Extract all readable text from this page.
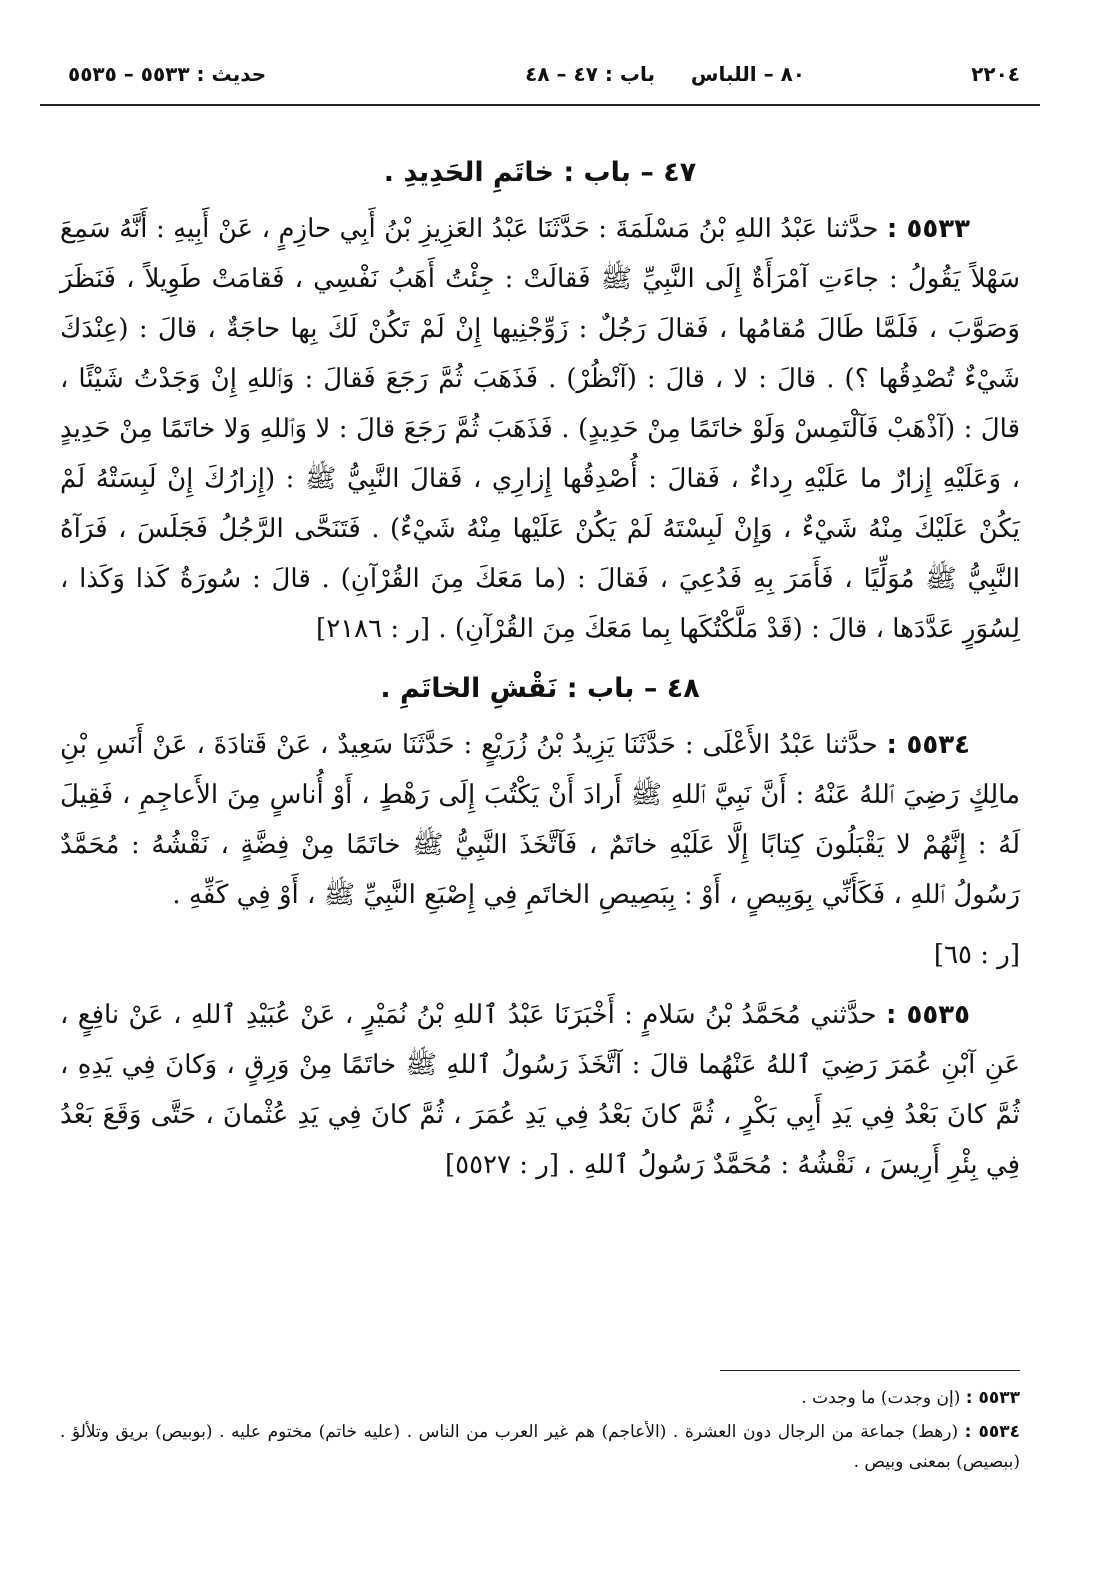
٢٢٠٤
٨٠ – اللباس
باب : ٤٧ – ٤٨
حديث : ٥٥٣٣ – ٥٥٣٥
٤٧ – باب : خاتَمِ الحَدِيدِ .

٥٥٣٣ : حدَّثنا عَبْدُ اللهِ بْنُ مَسْلَمَةَ : حَدَّثَنَا عَبْدُ العَزِيزِ بْنُ أَبِي حازِمٍ ، عَنْ أَبِيهِ : أَنَّهُ سَمِعَ سَهْلاً يَقُولُ : جاءَتِ آمْرَأَةٌ إِلَى النَّبِيِّ ﷺ فَقالَتْ : جِئْتُ أَهَبُ نَفْسِي ، فَقامَتْ طَوِيلاً ، فَنَظَرَ وَصَوَّبَ ، فَلَمَّا طَالَ مُقامُها ، فَقالَ رَجُلٌ : زَوِّجْنِيها إِنْ لَمْ تَكُنْ لَكَ بِها حاجَةٌ ، قالَ : (عِنْدَكَ شَيْءٌ تُصْدِقُها ؟) . قالَ : لا ، قالَ : (آنْظُرْ) . فَذَهَبَ ثُمَّ رَجَعَ فَقالَ : وَٱللهِ إِنْ وَجَدْتُ شَيْئًا ، قالَ : (آذْهَبْ فَآلْتَمِسْ وَلَوْ خاتَمًا مِنْ حَدِيدٍ) . فَذَهَبَ ثُمَّ رَجَعَ قالَ : لا وَٱللهِ وَلا خاتَمًا مِنْ حَدِيدٍ ، وَعَلَيْهِ إِزارٌ ما عَلَيْهِ رِداءٌ ، فَقالَ : أُصْدِقُها إِزارِي ، فَقالَ النَّبِيُّ ﷺ : (إِزارُكَ إِنْ لَبِسَتْهُ لَمْ يَكُنْ عَلَيْكَ مِنْهُ شَيْءٌ ، وَإِنْ لَبِسْتَهُ لَمْ يَكُنْ عَلَيْها مِنْهُ شَيْءٌ) . فَتَنَحَّى الرَّجُلُ فَجَلَسَ ، فَرَآهُ النَّبِيُّ ﷺ مُوَلِّيًا ، فَأَمَرَ بِهِ فَدُعِيَ ، فَقالَ : (ما مَعَكَ مِنَ القُرْآنِ) . قالَ : سُورَةُ كَذا وَكَذا ، لِسُوَرٍ عَدَّدَها ، قالَ : (قَدْ مَلَّكْتُكَها بِما مَعَكَ مِنَ القُرْآنِ) . [ر : ٢١٨٦]

٤٨ – باب : نَقْشِ الخاتَمِ .

٥٥٣٤ : حدَّثنا عَبْدُ الأَعْلَى : حَدَّثَنَا يَزِيدُ بْنُ زُرَيْعٍ : حَدَّثَنَا سَعِيدٌ ، عَنْ قَتادَةَ ، عَنْ أَنَسِ بْنِ مالِكٍ رَضِيَ ٱللهُ عَنْهُ : أَنَّ نَبِيَّ ٱللهِ ﷺ أَرادَ أَنْ يَكْتُبَ إِلَى رَهْطٍ ، أَوْ أُناسٍ مِنَ الأَعاجِمِ ، فَقِيلَ لَهُ : إِنَّهُمْ لا يَقْبَلُونَ كِتابًا إِلَّا عَلَيْهِ خاتَمٌ ، فَآتَّخَذَ النَّبِيُّ ﷺ خاتَمًا مِنْ فِضَّةٍ ، نَقْشُهُ : مُحَمَّدٌ رَسُولُ ٱللهِ ، فَكَأَنِّي بِوَبِيصٍ ، أَوْ : بِبَصِيصِ الخاتَمِ فِي إِصْبَعِ النَّبِيِّ ﷺ ، أَوْ فِي كَفِّهِ .

[ر : ٦٥]

٥٥٣٥ : حدَّثني مُحَمَّدُ بْنُ سَلامٍ : أَخْبَرَنَا عَبْدُ ٱللهِ بْنُ نُمَيْرٍ ، عَنْ عُبَيْدِ ٱللهِ ، عَنْ نافِعٍ ، عَنِ آبْنِ عُمَرَ رَضِيَ ٱللهُ عَنْهُما قالَ : آتَّخَذَ رَسُولُ ٱللهِ ﷺ خاتَمًا مِنْ وَرِقٍ ، وَكانَ فِي يَدِهِ ، ثُمَّ كانَ بَعْدُ فِي يَدِ أَبِي بَكْرٍ ، ثُمَّ كانَ بَعْدُ فِي يَدِ عُمَرَ ، ثُمَّ كانَ فِي يَدِ عُثْمانَ ، حَتَّى وَقَعَ بَعْدُ فِي بِئْرِ أَرِيسَ ، نَقْشُهُ : مُحَمَّدٌ رَسُولُ ٱللهِ . [ر : ٥٥٢٧]

٥٥٣٣ : (إن وجدت) ما وجدت .

٥٥٣٤ : (رهط) جماعة من الرجال دون العشرة . (الأعاجم) هم غير العرب من الناس . (عليه خاتم) مختوم عليه . (بوبيص) بريق وتلألؤ . (ببصيص) بمعنى وبيص .
